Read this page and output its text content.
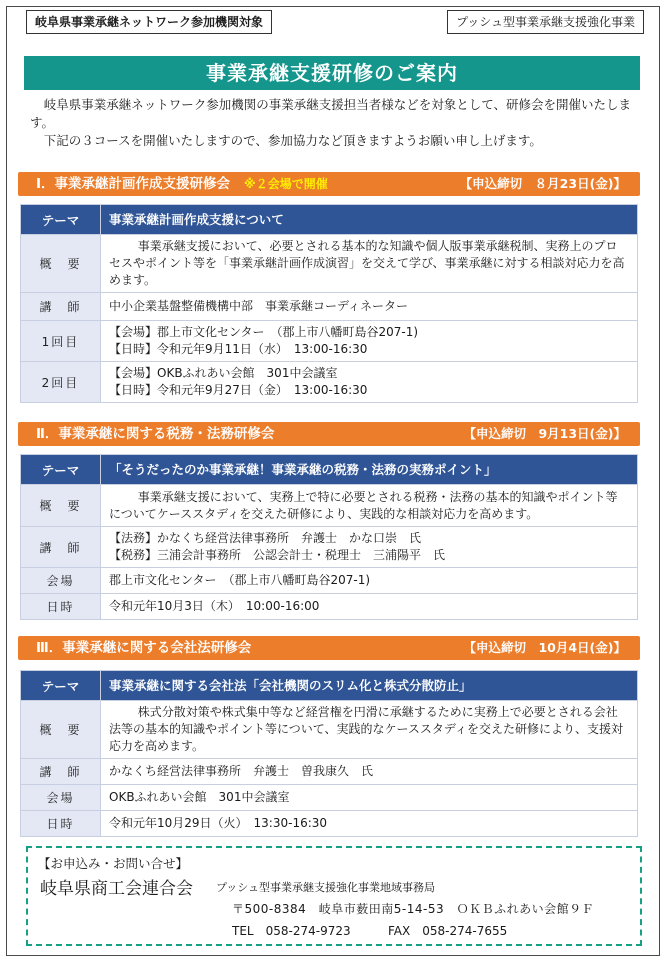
岐阜県事業承継ネットワーク参加機関対象	プッシュ型事業承継支援強化事業
事業承継支援研修のご案内

岐阜県事業承継ネットワーク参加機関の事業承継支援担当者様などを対象として、研修会を開催いたします。

下記の３コースを開催いたしますので、参加協力など頂きますようお願い申し上げます。

Ⅰ．事業承継計画作成支援研修会 ※２会場で開催	【申込締切　８月23日(金)】
テーマ	事業承継計画作成支援について
概　要	事業承継支援において、必要とされる基本的な知識や個人版事業承継税制、実務上のプロセスやポイント等を「事業承継計画作成演習」を交えて学び、事業承継に対する相談対応力を高めます。
講　師	中小企業基盤整備機構中部　事業承継コーディネーター
1回目	【会場】郡上市文化センター　（郡上市八幡町島谷207-1)
【日時】令和元年9月11日（水）　13:00-16:30

2回目	【会場】OKBふれあい会館　301中会議室
【日時】令和元年9月27日（金）　13:00-16:30
Ⅱ．事業承継に関する税務・法務研修会	【申込締切　9月13日(金)】
テーマ	「そうだったのか事業承継！事業承継の税務・法務の実務ポイント」
概　要	事業承継支援において、実務上で特に必要とされる税務・法務の基本的知識やポイント等についてケーススタディを交えた研修により、実践的な相談対応力を高めます。
講　師	【法務】かなくち経営法律事務所　弁護士　かな口崇　氏
【税務】三浦会計事務所　公認会計士・税理士　三浦陽平　氏

会場	郡上市文化センター　（郡上市八幡町島谷207-1)
日時	令和元年10月3日（木）　10:00-16:00
Ⅲ．事業承継に関する会社法研修会	【申込締切　10月4日(金)】
テーマ	事業承継に関する会社法「会社機関のスリム化と株式分散防止」
概　要	株式分散対策や株式集中等など経営権を円滑に承継するために実務上で必要とされる会社法等の基本的知識やポイント等について、実践的なケーススタディを交えた研修により、支援対応力を高めます。
講　師	かなくち経営法律事務所　弁護士　曽我康久　氏
会場	OKBふれあい会館　301中会議室
日時	令和元年10月29日（火）　13:30-16:30
【お申込み・お問い合せ】
岐阜県商工会連合会 プッシュ型事業承継支援強化事業地域事務局
〒500-8384　岐阜市薮田南5-14-53　ＯＫＢふれあい会館９Ｆ
TEL　058-274-9723	FAX　058-274-7655
